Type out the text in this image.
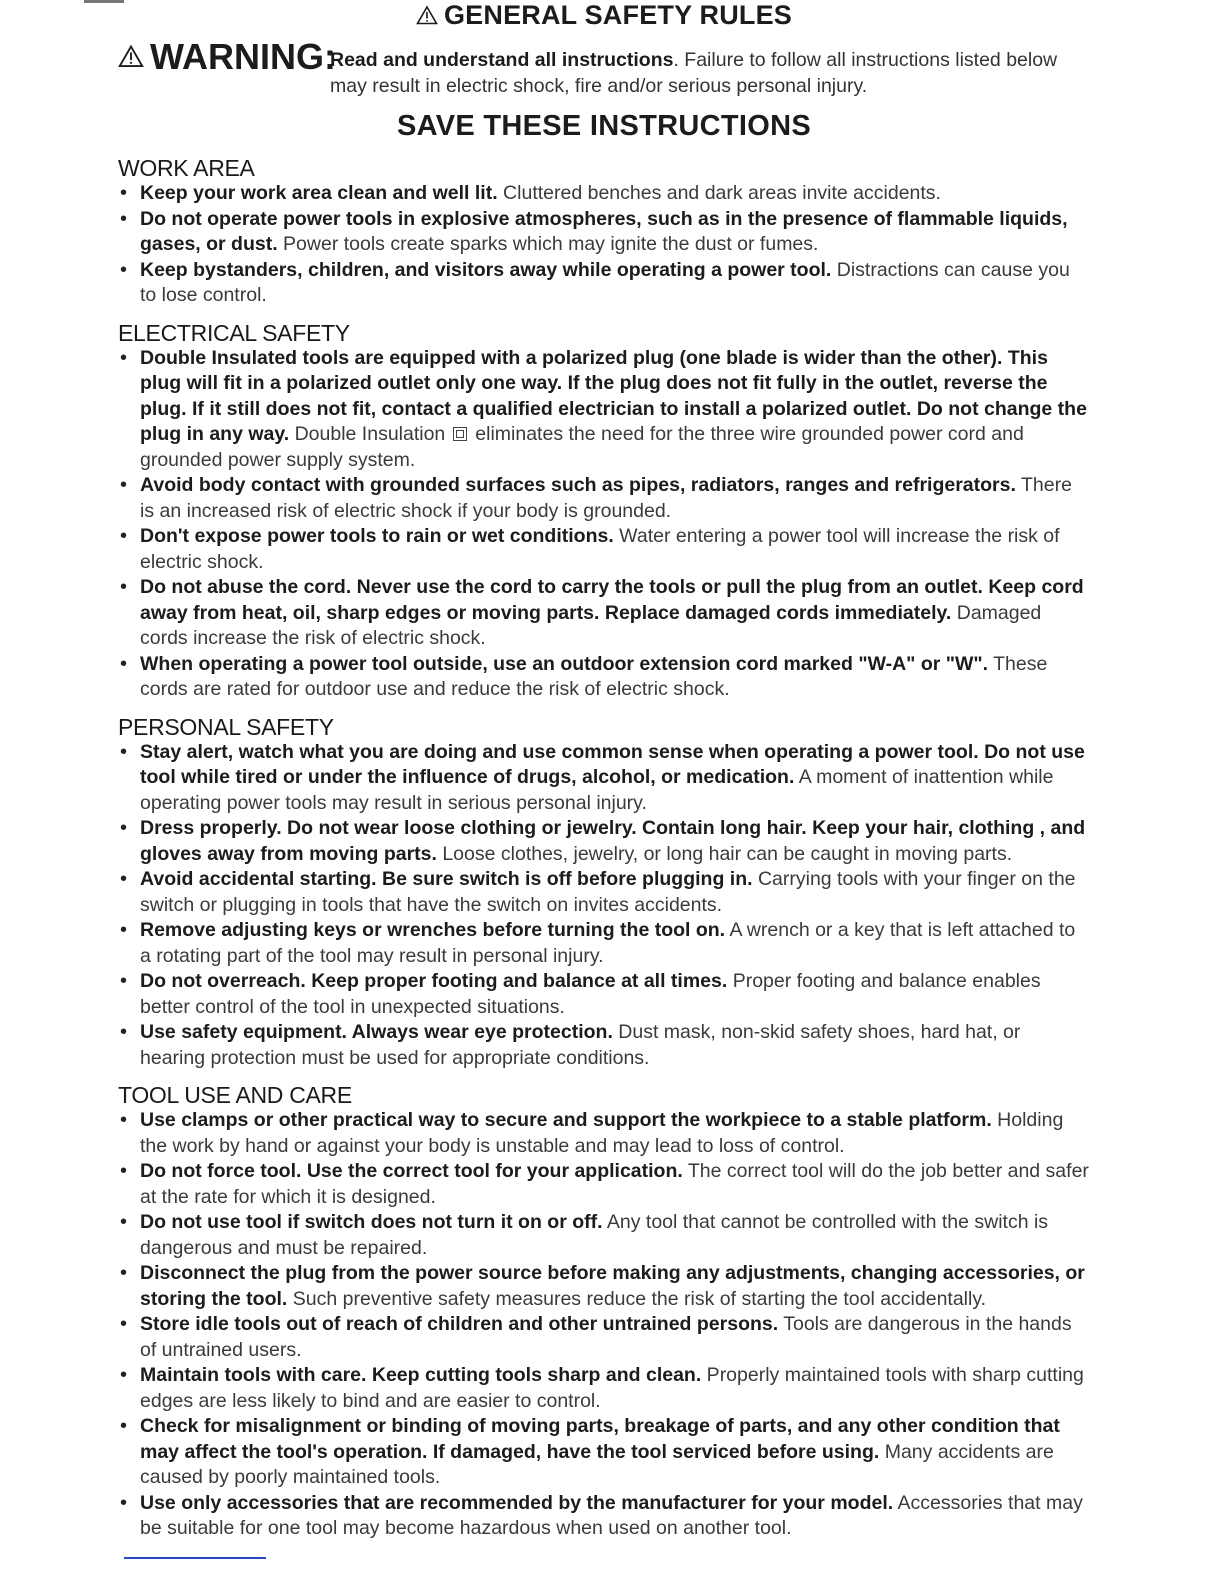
GENERAL SAFETY RULES
WARNING:
Read and understand all instructions. Failure to follow all instructions listed below may result in electric shock, fire and/or serious personal injury.
SAVE THESE INSTRUCTIONS
WORK AREA
• Keep your work area clean and well lit. Cluttered benches and dark areas invite accidents.
• Do not operate power tools in explosive atmospheres, such as in the presence of flammable liquids, gases, or dust. Power tools create sparks which may ignite the dust or fumes.
• Keep bystanders, children, and visitors away while operating a power tool. Distractions can cause you to lose control.
ELECTRICAL SAFETY
• Double Insulated tools are equipped with a polarized plug (one blade is wider than the other). This plug will fit in a polarized outlet only one way. If the plug does not fit fully in the outlet, reverse the plug. If it still does not fit, contact a qualified electrician to install a polarized outlet. Do not change the plug in any way. Double Insulation eliminates the need for the three wire grounded power cord and grounded power supply system.
• Avoid body contact with grounded surfaces such as pipes, radiators, ranges and refrigerators. There is an increased risk of electric shock if your body is grounded.
• Don't expose power tools to rain or wet conditions. Water entering a power tool will increase the risk of electric shock.
• Do not abuse the cord. Never use the cord to carry the tools or pull the plug from an outlet. Keep cord away from heat, oil, sharp edges or moving parts. Replace damaged cords immediately. Damaged cords increase the risk of electric shock.
• When operating a power tool outside, use an outdoor extension cord marked "W-A" or "W". These cords are rated for outdoor use and reduce the risk of electric shock.
PERSONAL SAFETY
• Stay alert, watch what you are doing and use common sense when operating a power tool. Do not use tool while tired or under the influence of drugs, alcohol, or medication. A moment of inattention while operating power tools may result in serious personal injury.
• Dress properly. Do not wear loose clothing or jewelry. Contain long hair. Keep your hair, clothing , and gloves away from moving parts. Loose clothes, jewelry, or long hair can be caught in moving parts.
• Avoid accidental starting. Be sure switch is off before plugging in. Carrying tools with your finger on the switch or plugging in tools that have the switch on invites accidents.
• Remove adjusting keys or wrenches before turning the tool on. A wrench or a key that is left attached to a rotating part of the tool may result in personal injury.
• Do not overreach. Keep proper footing and balance at all times. Proper footing and balance enables better control of the tool in unexpected situations.
• Use safety equipment. Always wear eye protection. Dust mask, non-skid safety shoes, hard hat, or hearing protection must be used for appropriate conditions.
TOOL USE AND CARE
• Use clamps or other practical way to secure and support the workpiece to a stable platform. Holding the work by hand or against your body is unstable and may lead to loss of control.
• Do not force tool. Use the correct tool for your application. The correct tool will do the job better and safer at the rate for which it is designed.
• Do not use tool if switch does not turn it on or off. Any tool that cannot be controlled with the switch is dangerous and must be repaired.
• Disconnect the plug from the power source before making any adjustments, changing accessories, or storing the tool. Such preventive safety measures reduce the risk of starting the tool accidentally.
• Store idle tools out of reach of children and other untrained persons. Tools are dangerous in the hands of untrained users.
• Maintain tools with care. Keep cutting tools sharp and clean. Properly maintained tools with sharp cutting edges are less likely to bind and are easier to control.
• Check for misalignment or binding of moving parts, breakage of parts, and any other condition that may affect the tool's operation. If damaged, have the tool serviced before using. Many accidents are caused by poorly maintained tools.
• Use only accessories that are recommended by the manufacturer for your model. Accessories that may be suitable for one tool may become hazardous when used on another tool.
